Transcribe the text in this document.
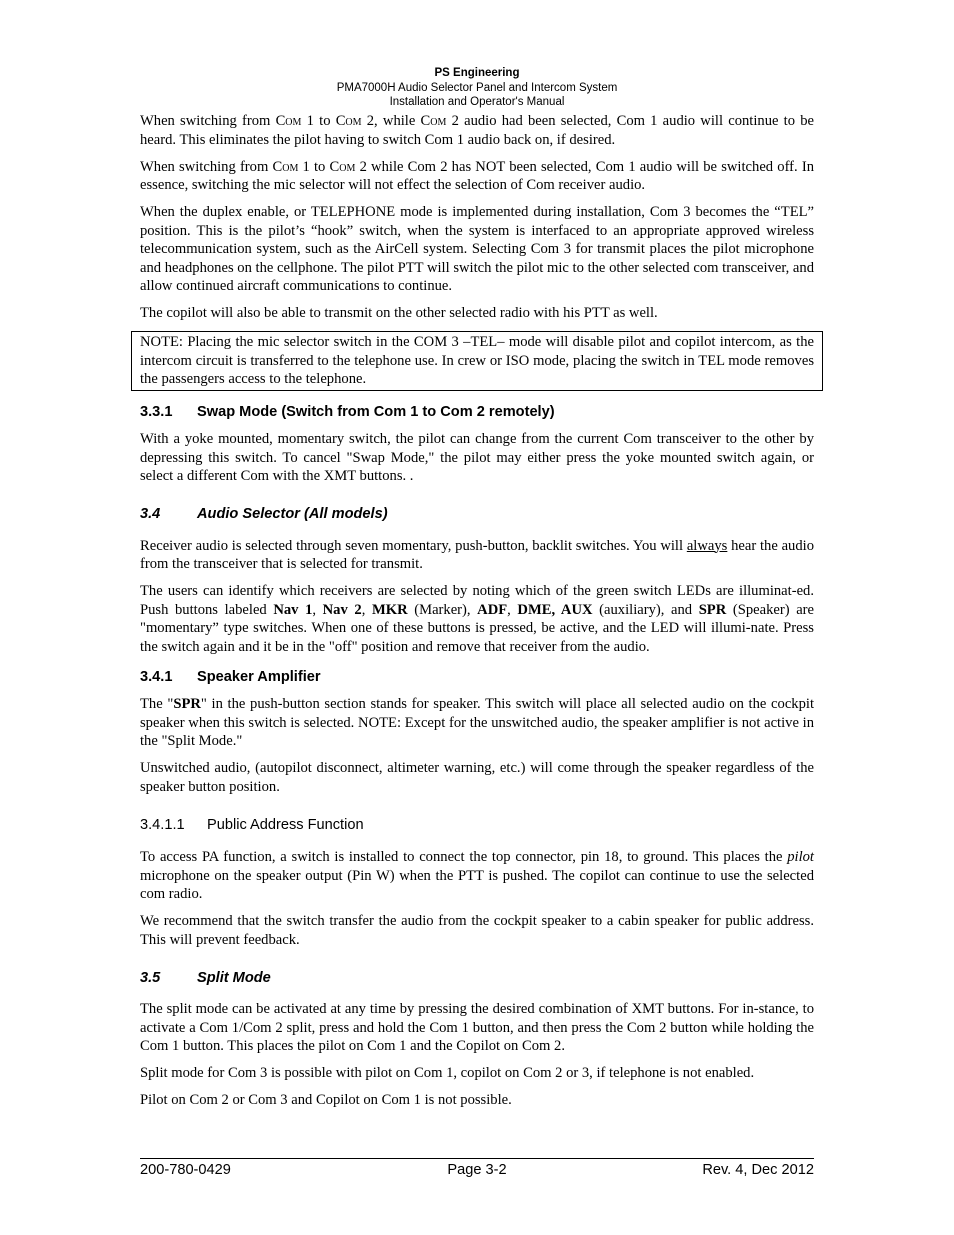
PS Engineering
PMA7000H Audio Selector Panel and Intercom System
Installation and Operator's Manual

When switching from Com 1 to Com 2, while Com 2 audio had been selected, Com 1 audio will continue to be heard. This eliminates the pilot having to switch Com 1 audio back on, if desired.

When switching from Com 1 to Com 2 while Com 2 has NOT been selected, Com 1 audio will be switched off. In essence, switching the mic selector will not effect the selection of Com receiver audio.

When the duplex enable, or TELEPHONE mode is implemented during installation, Com 3 becomes the “TEL” position. This is the pilot’s “hook” switch, when the system is interfaced to an appropriate approved wireless telecommunication system, such as the AirCell system. Selecting Com 3 for transmit places the pilot microphone and headphones on the cellphone. The pilot PTT will switch the pilot mic to the other selected com transceiver, and allow continued aircraft communications to continue.

The copilot will also be able to transmit on the other selected radio with his PTT as well.

NOTE: Placing the mic selector switch in the COM 3 –TEL– mode will disable pilot and copilot intercom, as the intercom circuit is transferred to the telephone use. In crew or ISO mode, placing the switch in TEL mode removes the passengers access to the telephone.

3.3.1 Swap Mode (Switch from Com 1 to Com 2 remotely)

With a yoke mounted, momentary switch, the pilot can change from the current Com transceiver to the other by depressing this switch. To cancel "Swap Mode," the pilot may either press the yoke mounted switch again, or select a different Com with the XMT buttons. .

3.4	Audio Selector (All models)

Receiver audio is selected through seven momentary, push-button, backlit switches. You will always hear the audio from the transceiver that is selected for transmit.

The users can identify which receivers are selected by noting which of the green switch LEDs are illuminat-ed. Push buttons labeled Nav 1, Nav 2, MKR (Marker), ADF, DME, AUX (auxiliary), and SPR (Speaker) are "momentary” type switches. When one of these buttons is pressed, be active, and the LED will illumi-nate. Press the switch again and it be in the "off" position and remove that receiver from the audio.

3.4.1 Speaker Amplifier

The "SPR" in the push-button section stands for speaker. This switch will place all selected audio on the cockpit speaker when this switch is selected. NOTE: Except for the unswitched audio, the speaker amplifier is not active in the "Split Mode."

Unswitched audio, (autopilot disconnect, altimeter warning, etc.) will come through the speaker regardless of the speaker button position.

3.4.1.1 Public Address Function

To access PA function, a switch is installed to connect the top connector, pin 18, to ground. This places the pilot microphone on the speaker output (Pin W) when the PTT is pushed. The copilot can continue to use the selected com radio.

We recommend that the switch transfer the audio from the cockpit speaker to a cabin speaker for public address. This will prevent feedback.

3.5	Split Mode

The split mode can be activated at any time by pressing the desired combination of XMT buttons. For in-stance, to activate a Com 1/Com 2 split, press and hold the Com 1 button, and then press the Com 2 button while holding the Com 1 button. This places the pilot on Com 1 and the Copilot on Com 2.

Split mode for Com 3 is possible with pilot on Com 1, copilot on Com 2 or 3, if telephone is not enabled.

Pilot on Com 2 or Com 3 and Copilot on Com 1 is not possible.

200-780-0429	Page 3-2	Rev. 4, Dec 2012
